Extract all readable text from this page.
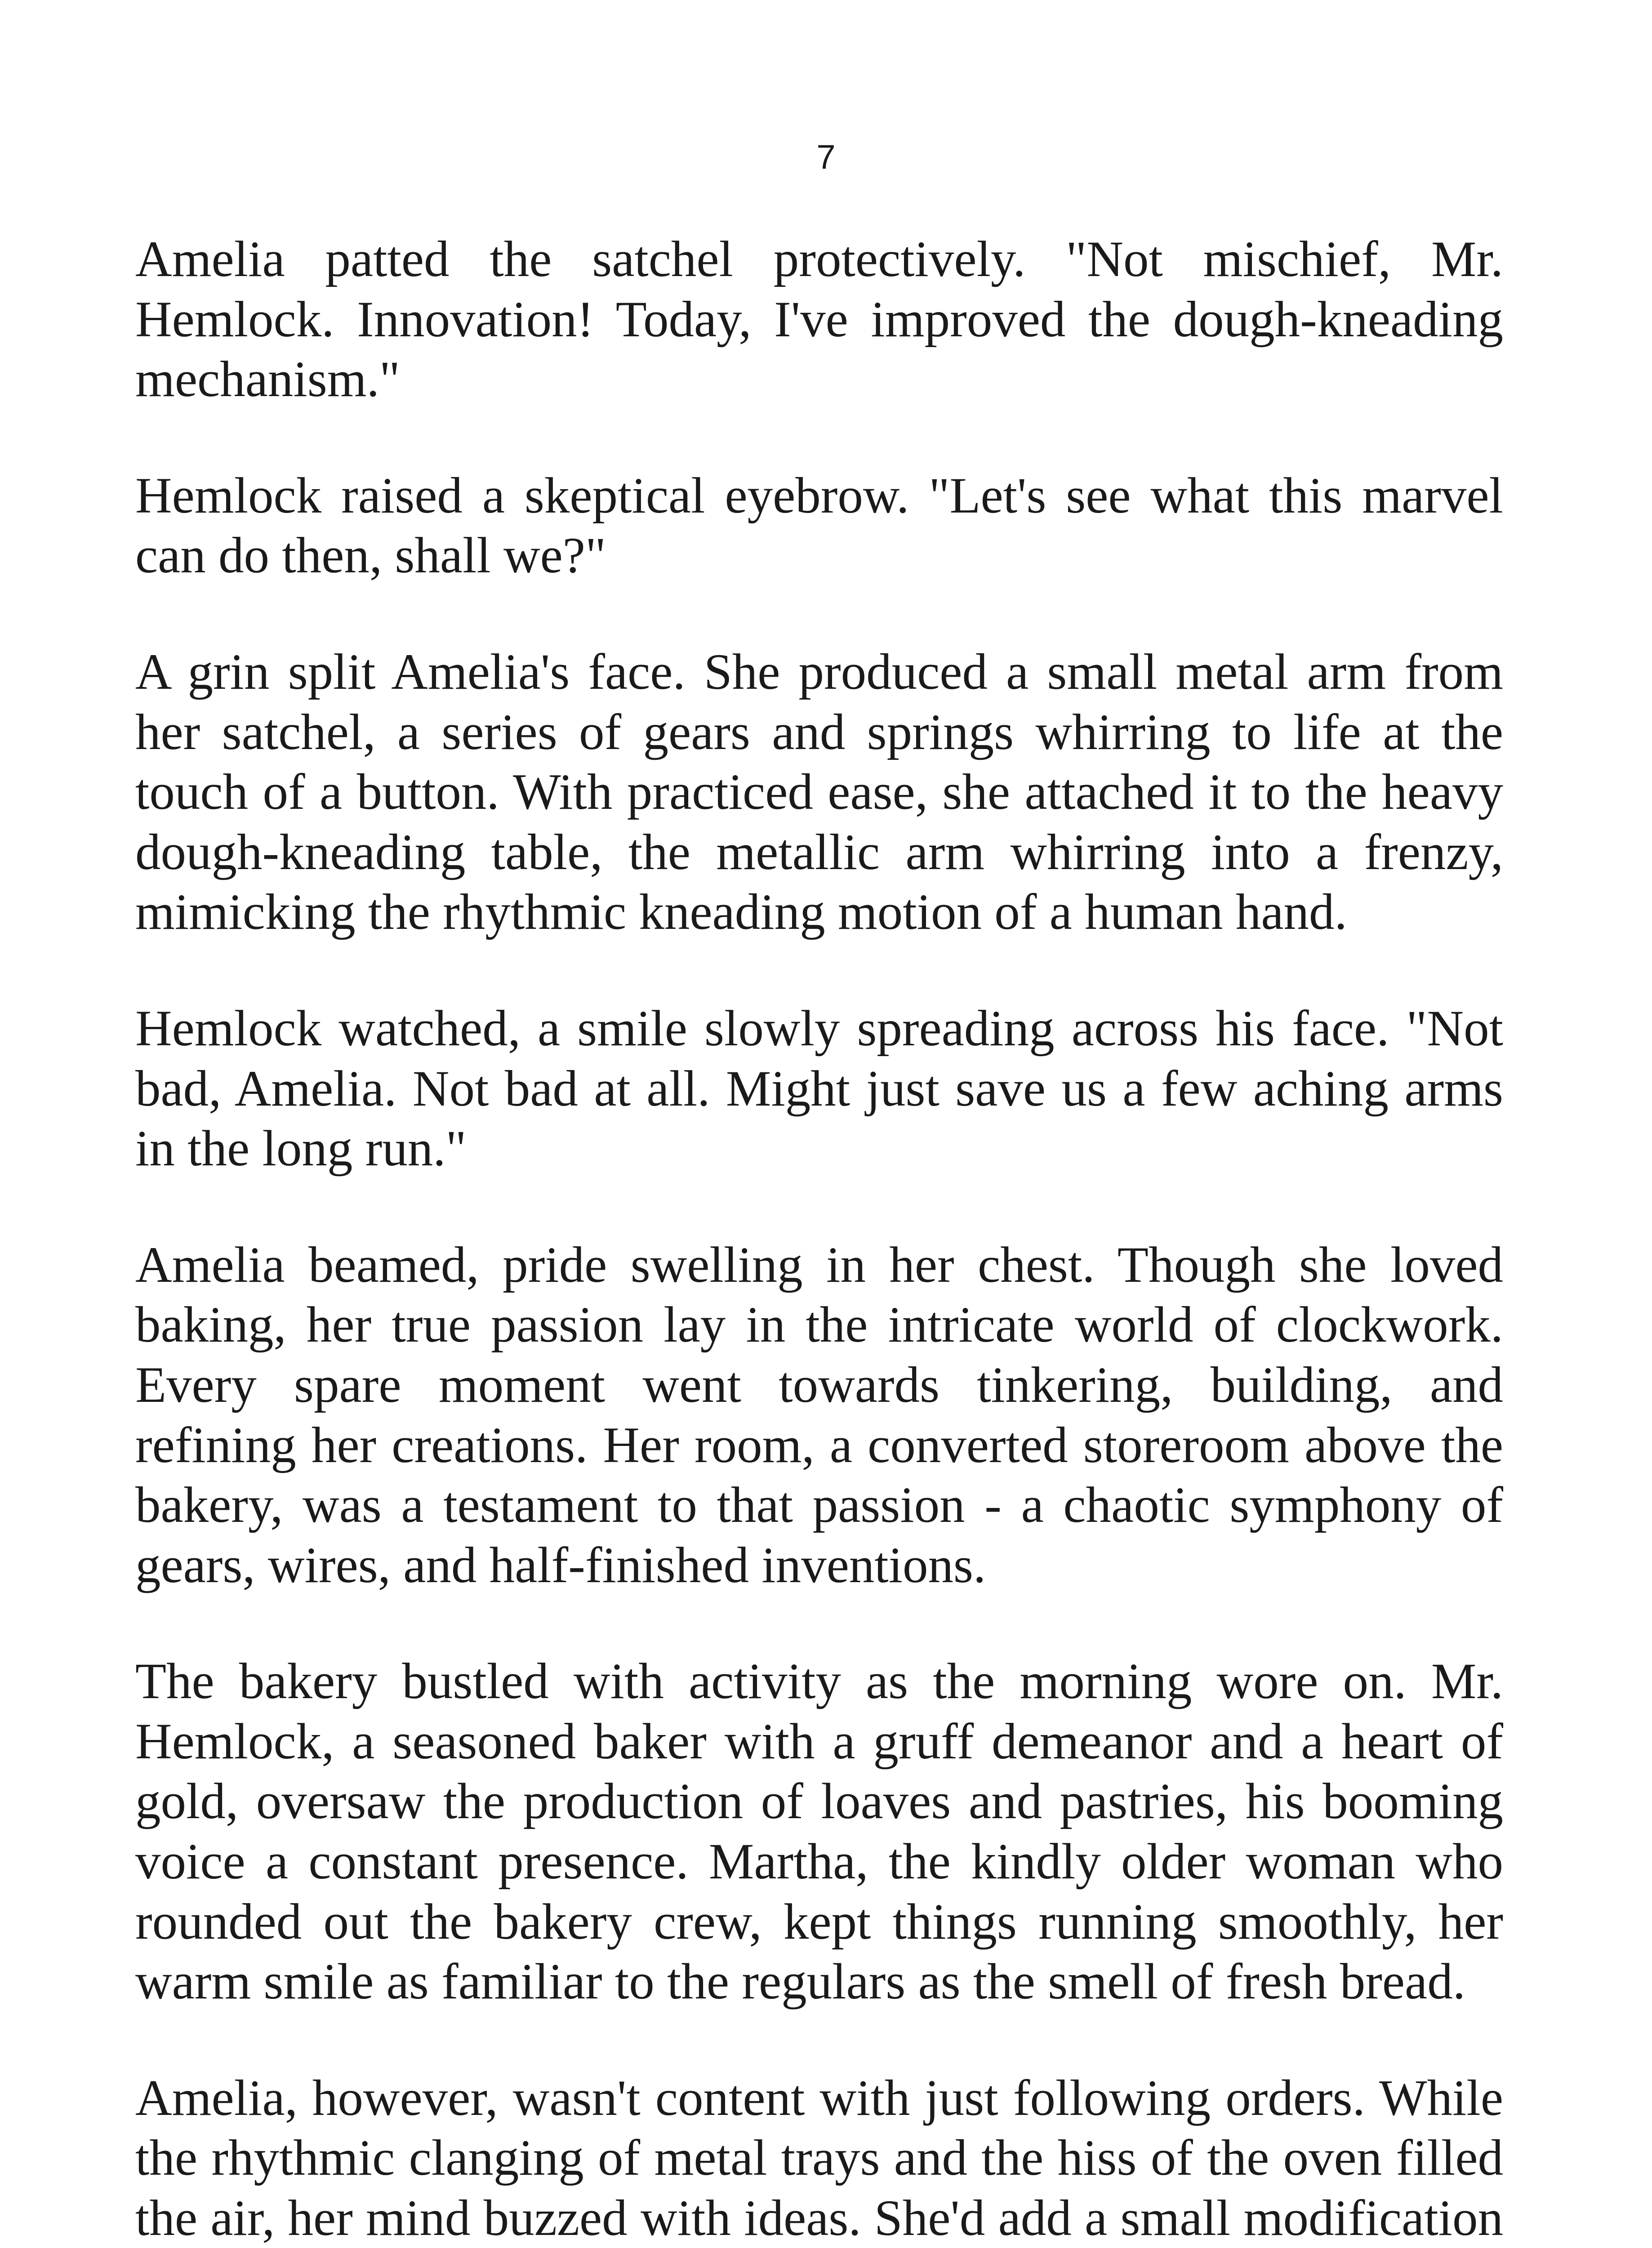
7

Amelia patted the satchel protectively. "Not mischief, Mr. Hemlock. Innovation! Today, I've improved the dough-kneading mechanism."

Hemlock raised a skeptical eyebrow. "Let's see what this marvel can do then, shall we?"

A grin split Amelia's face. She produced a small metal arm from her satchel, a series of gears and springs whirring to life at the touch of a button. With practiced ease, she attached it to the heavy dough-kneading table, the metallic arm whirring into a frenzy, mimicking the rhythmic kneading motion of a human hand.

Hemlock watched, a smile slowly spreading across his face. "Not bad, Amelia. Not bad at all. Might just save us a few aching arms in the long run."

Amelia beamed, pride swelling in her chest. Though she loved baking, her true passion lay in the intricate world of clockwork. Every spare moment went towards tinkering, building, and refining her creations. Her room, a converted storeroom above the bakery, was a testament to that passion - a chaotic symphony of gears, wires, and half-finished inventions.

The bakery bustled with activity as the morning wore on. Mr. Hemlock, a seasoned baker with a gruff demeanor and a heart of gold, oversaw the production of loaves and pastries, his booming voice a constant presence. Martha, the kindly older woman who rounded out the bakery crew, kept things running smoothly, her warm smile as familiar to the regulars as the smell of fresh bread.

Amelia, however, wasn't content with just following orders. While the rhythmic clanging of metal trays and the hiss of the oven filled the air, her mind buzzed with ideas. She'd add a small modification
